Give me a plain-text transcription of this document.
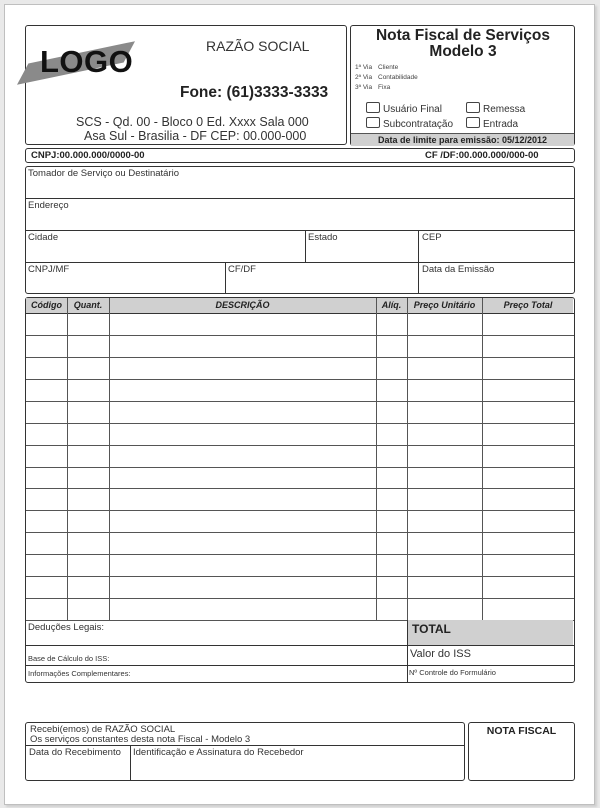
LOGO	RAZÃO SOCIAL
Fone: (61)3333-3333
SCS - Qd. 00 - Bloco 0 Ed. Xxxx Sala 000
Asa Sul - Brasilia - DF CEP: 00.000-000
Nota Fiscal de Serviços
Modelo 3
1ª Via Cliente
2ª Via Contabilidade
3ª Via Fixa
Usuário Final	Remessa
Subcontratação	Entrada
Data de limite para emissão: 05/12/2012
CNPJ:00.000.000/0000-00	CF /DF:00.000.000/000-00
Tomador de Serviço ou Destinatário
Endereço
Cidade	Estado	CEP
CNPJ/MF	CF/DF	Data da Emissão
Código	Quant.	DESCRIÇÃO	Alíq.	Preço Unitário	Preço Total
Deduções Legais:	TOTAL
Base de Cálculo do ISS:	Valor do ISS
Informações Complementares:	Nº Controle do Formulário
Recebi(emos) de RAZÃO SOCIAL
Os serviços constantes desta nota Fiscal - Modelo 3
Data do Recebimento Identificação e Assinatura do Recebedor
NOTA FISCAL
